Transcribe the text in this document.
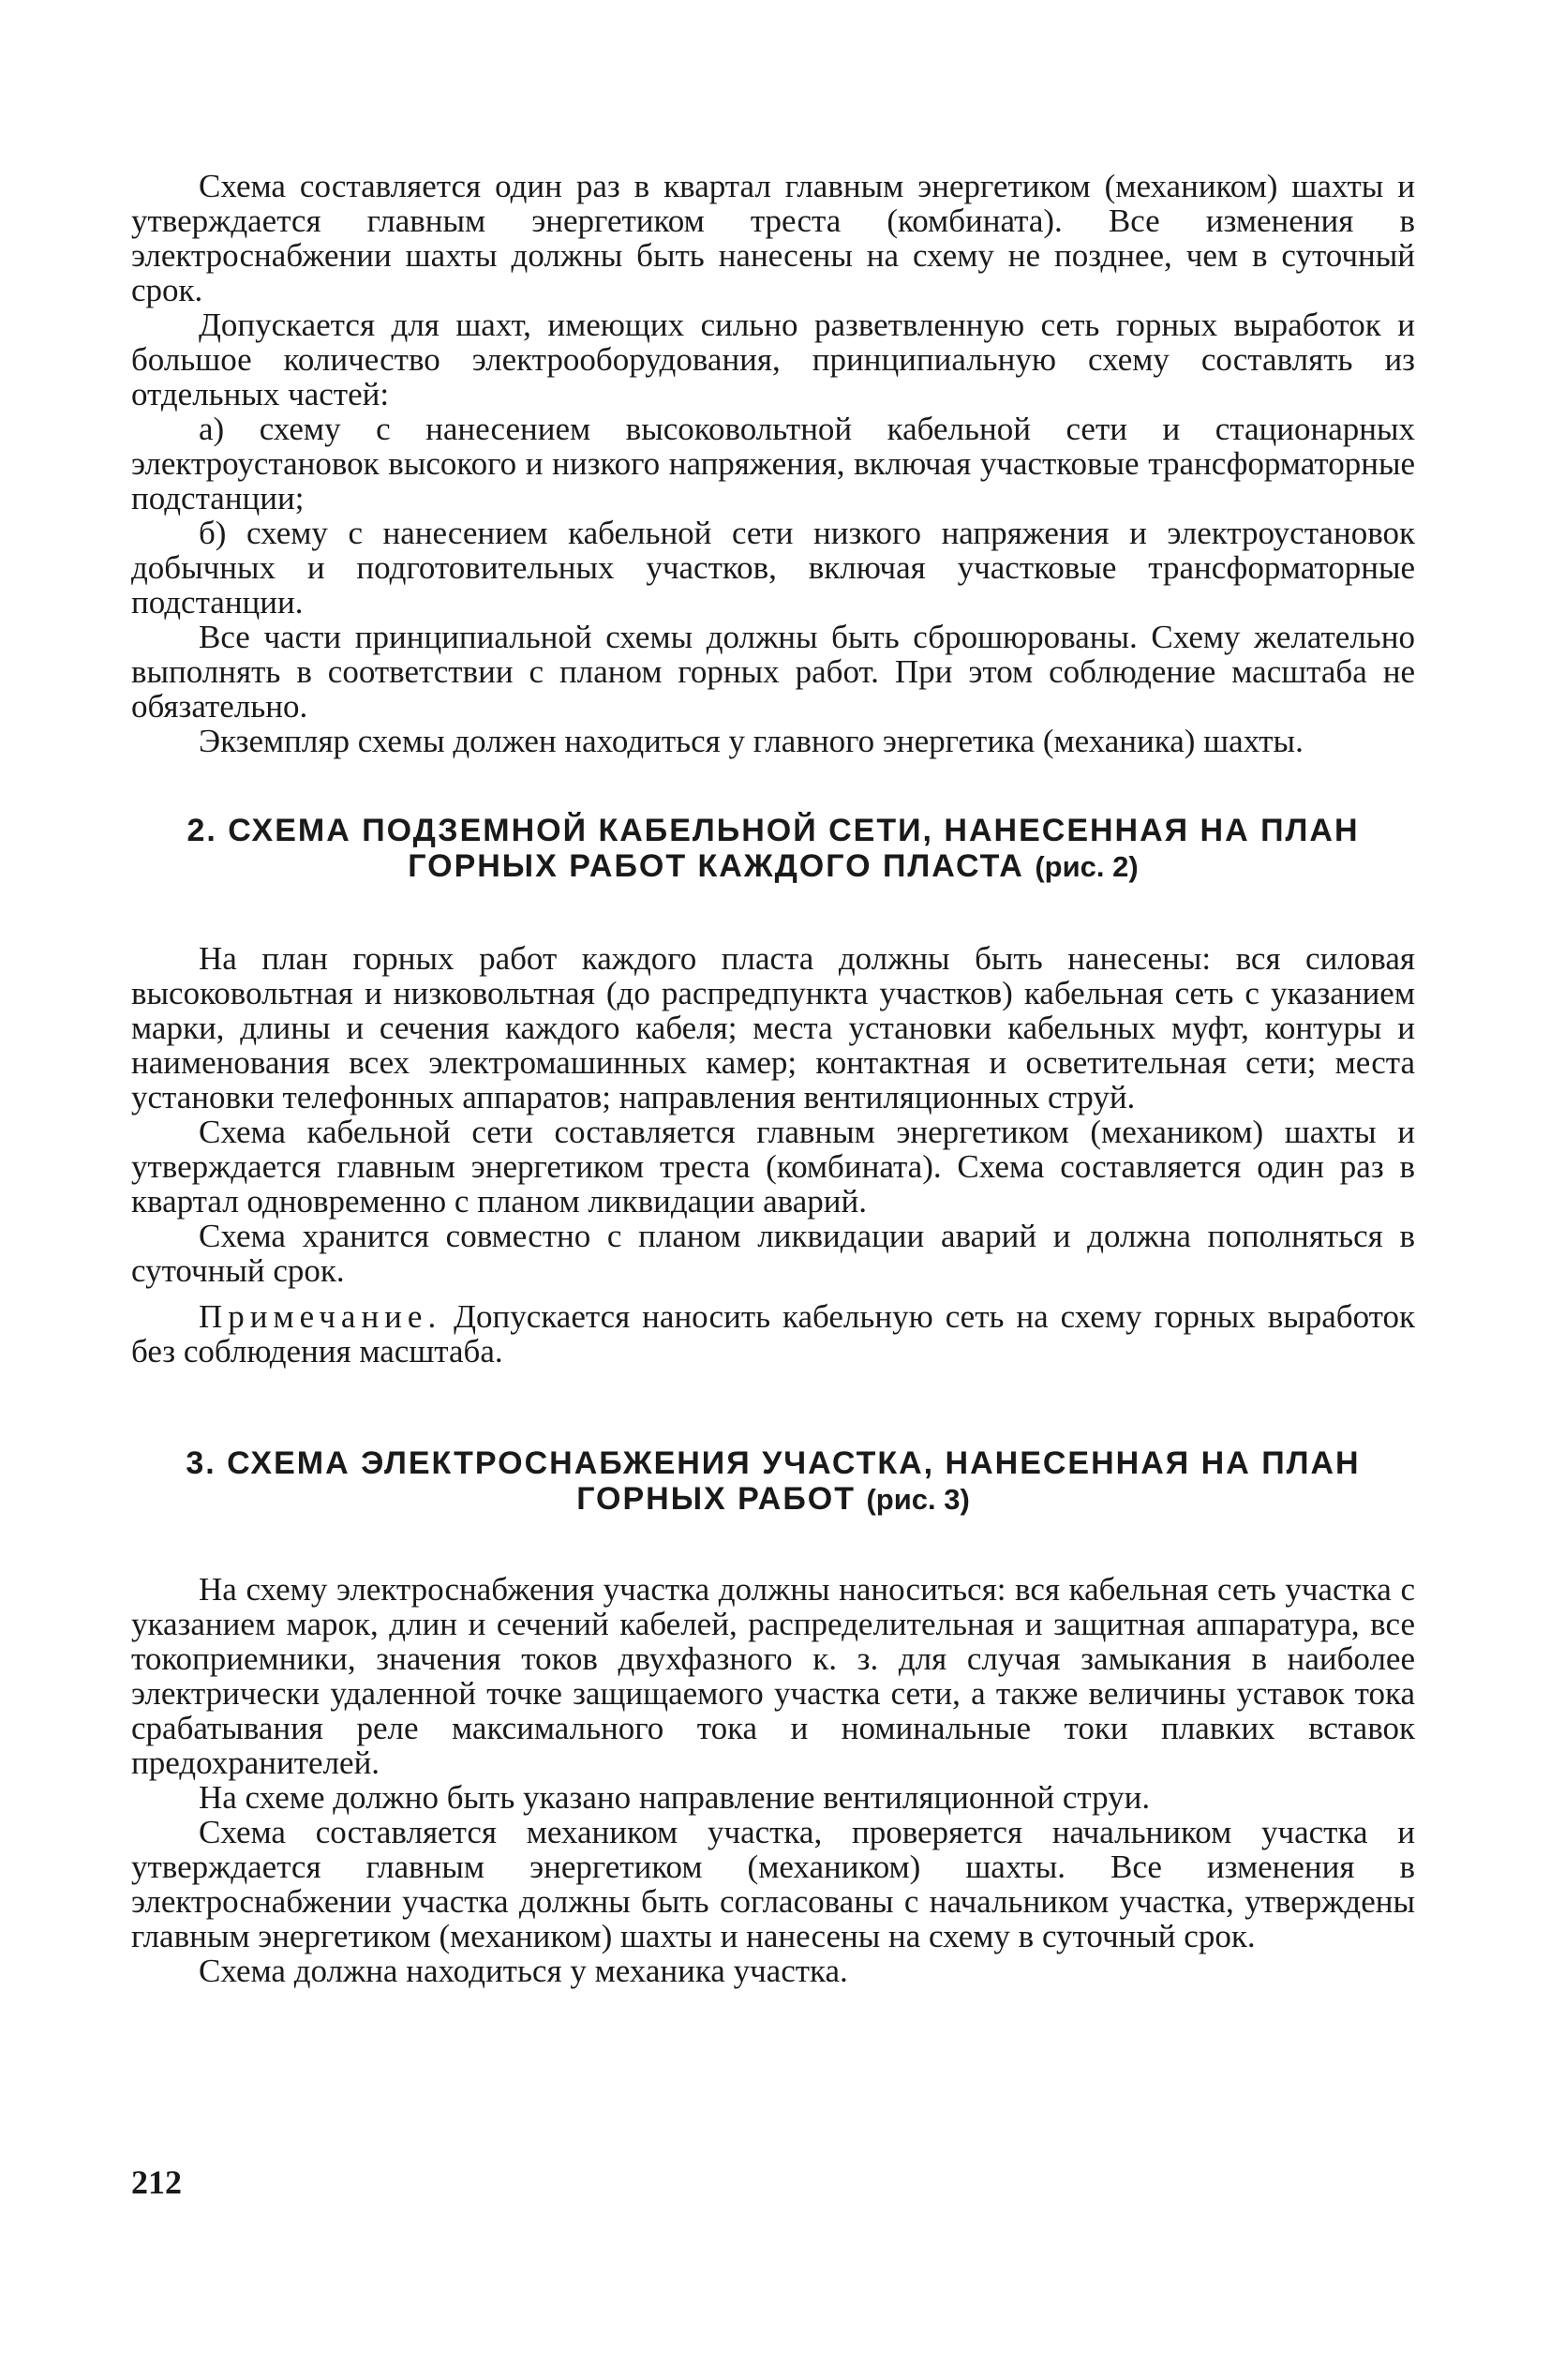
Схема составляется один раз в квартал главным энергетиком (механиком) шахты и утверждается главным энергетиком треста (комбината). Все изменения в электроснабжении шахты должны быть нанесены на схему не позднее, чем в суточный срок.

Допускается для шахт, имеющих сильно разветвленную сеть горных выработок и большое количество электрооборудования, принципиальную схему составлять из отдельных частей:

а) схему с нанесением высоковольтной кабельной сети и стационарных электроустановок высокого и низкого напряжения, включая участковые трансформаторные подстанции;

б) схему с нанесением кабельной сети низкого напряжения и электроустановок добычных и подготовительных участков, включая участковые трансформаторные подстанции.

Все части принципиальной схемы должны быть сброшюрованы. Схему желательно выполнять в соответствии с планом горных работ. При этом соблюдение масштаба не обязательно.

Экземпляр схемы должен находиться у главного энергетика (механика) шахты.

2. СХЕМА ПОДЗЕМНОЙ КАБЕЛЬНОЙ СЕТИ, НАНЕСЕННАЯ НА ПЛАН
ГОРНЫХ РАБОТ КАЖДОГО ПЛАСТА (рис. 2)

На план горных работ каждого пласта должны быть нанесены: вся силовая высоковольтная и низковольтная (до распредпункта участков) кабельная сеть с указанием марки, длины и сечения каждого кабеля; места установки кабельных муфт, контуры и наименования всех электромашинных камер; контактная и осветительная сети; места установки телефонных аппаратов; направления вентиляционных струй.

Схема кабельной сети составляется главным энергетиком (механиком) шахты и утверждается главным энергетиком треста (комбината). Схема составляется один раз в квартал одновременно с планом ликвидации аварий.

Схема хранится совместно с планом ликвидации аварий и должна пополняться в суточный срок.

Примечание. Допускается наносить кабельную сеть на схему горных выработок без соблюдения масштаба.

3. СХЕМА ЭЛЕКТРОСНАБЖЕНИЯ УЧАСТКА, НАНЕСЕННАЯ НА ПЛАН
ГОРНЫХ РАБОТ (рис. 3)

На схему электроснабжения участка должны наноситься: вся кабельная сеть участка с указанием марок, длин и сечений кабелей, распределительная и защитная аппаратура, все токоприемники, значения токов двухфазного к. з. для случая замыкания в наиболее электрически удаленной точке защищаемого участка сети, а также величины уставок тока срабатывания реле максимального тока и номинальные токи плавких вставок предохранителей.

На схеме должно быть указано направление вентиляционной струи.

Схема составляется механиком участка, проверяется начальником участка и утверждается главным энергетиком (механиком) шахты. Все изменения в электроснабжении участка должны быть согласованы с начальником участка, утверждены главным энергетиком (механиком) шахты и нанесены на схему в суточный срок.

Схема должна находиться у механика участка.

212
